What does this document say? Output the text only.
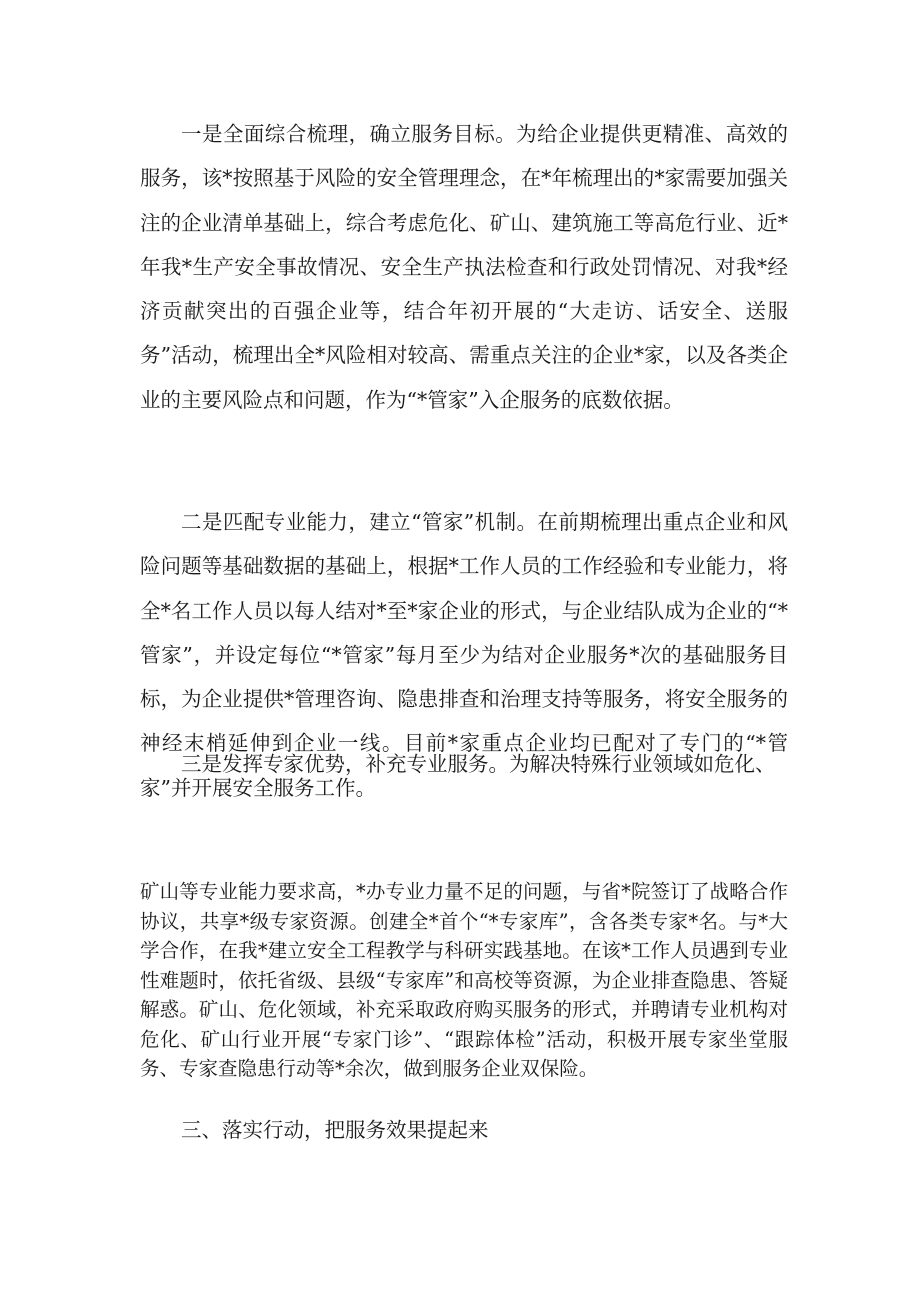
一是全面综合梳理，确立服务目标。为给企业提供更精准、高效的服务，该*按照基于风险的安全管理理念，在*年梳理出的*家需要加强关注的企业清单基础上，综合考虑危化、矿山、建筑施工等高危行业、近*年我*生产安全事故情况、安全生产执法检查和行政处罚情况、对我*经济贡献突出的百强企业等，结合年初开展的“大走访、话安全、送服务”活动，梳理出全*风险相对较高、需重点关注的企业*家，以及各类企业的主要风险点和问题，作为“*管家”入企服务的底数依据。

二是匹配专业能力，建立“管家”机制。在前期梳理出重点企业和风险问题等基础数据的基础上，根据*工作人员的工作经验和专业能力，将全*名工作人员以每人结对*至*家企业的形式，与企业结队成为企业的“*管家”，并设定每位“*管家”每月至少为结对企业服务*次的基础服务目标，为企业提供*管理咨询、隐患排查和治理支持等服务，将安全服务的神经末梢延伸到企业一线。目前*家重点企业均已配对了专门的“*管家”并开展安全服务工作。

三是发挥专家优势，补充专业服务。为解决特殊行业领域如危化、

矿山等专业能力要求高，*办专业力量不足的问题，与省*院签订了战略合作协议，共享*级专家资源。创建全*首个“*专家库”，含各类专家*名。与*大学合作，在我*建立安全工程教学与科研实践基地。在该*工作人员遇到专业性难题时，依托省级、县级“专家库”和高校等资源，为企业排查隐患、答疑解惑。矿山、危化领域，补充采取政府购买服务的形式，并聘请专业机构对危化、矿山行业开展“专家门诊”、“跟踪体检”活动，积极开展专家坐堂服务、专家查隐患行动等*余次，做到服务企业双保险。

三、落实行动，把服务效果提起来
